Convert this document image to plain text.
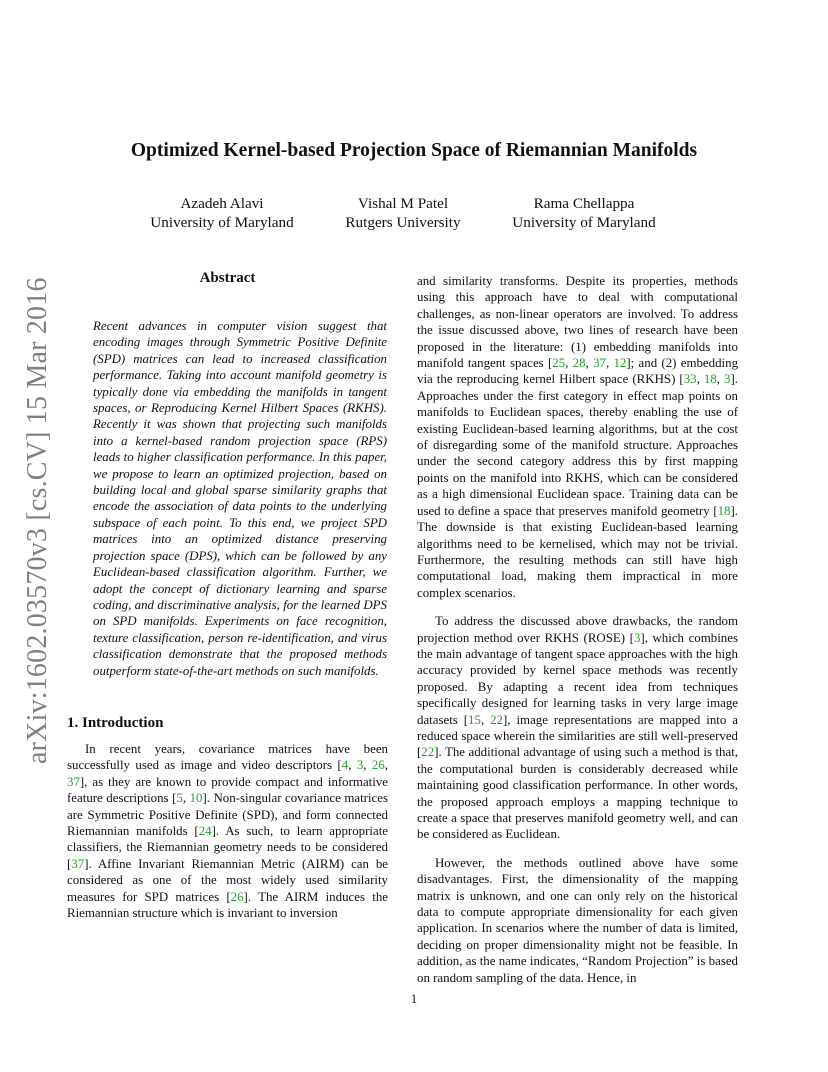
Optimized Kernel-based Projection Space of Riemannian Manifolds
Azadeh Alavi
University of Maryland
Vishal M Patel
Rutgers University
Rama Chellappa
University of Maryland
arXiv:1602.03570v3 [cs.CV] 15 Mar 2016	Abstract

Recent advances in computer vision suggest that encoding images through Symmetric Positive Definite (SPD) matrices can lead to increased classification performance. Taking into account manifold geometry is typically done via embedding the manifolds in tangent spaces, or Reproducing Kernel Hilbert Spaces (RKHS). Recently it was shown that projecting such manifolds into a kernel-based random projection space (RPS) leads to higher classification performance. In this paper, we propose to learn an optimized projection, based on building local and global sparse similarity graphs that encode the association of data points to the underlying subspace of each point. To this end, we project SPD matrices into an optimized distance preserving projection space (DPS), which can be followed by any Euclidean-based classification algorithm. Further, we adopt the concept of dictionary learning and sparse coding, and discriminative analysis, for the learned DPS on SPD manifolds. Experiments on face recognition, texture classification, person re-identification, and virus classification demonstrate that the proposed methods outperform state-of-the-art methods on such manifolds.

1. Introduction

In recent years, covariance matrices have been successfully used as image and video descriptors [4, 3, 26, 37], as they are known to provide compact and informative feature descriptions [5, 10]. Non-singular covariance matrices are Symmetric Positive Definite (SPD), and form connected Riemannian manifolds [24]. As such, to learn appropriate classifiers, the Riemannian geometry needs to be considered [37]. Affine Invariant Riemannian Metric (AIRM) can be considered as one of the most widely used similarity measures for SPD matrices [26]. The AIRM induces the Riemannian structure which is invariant to inversion

and similarity transforms. Despite its properties, methods using this approach have to deal with computational challenges, as non-linear operators are involved. To address the issue discussed above, two lines of research have been proposed in the literature: (1) embedding manifolds into manifold tangent spaces [25, 28, 37, 12]; and (2) embedding via the reproducing kernel Hilbert space (RKHS) [33, 18, 3]. Approaches under the first category in effect map points on manifolds to Euclidean spaces, thereby enabling the use of existing Euclidean-based learning algorithms, but at the cost of disregarding some of the manifold structure. Approaches under the second category address this by first mapping points on the manifold into RKHS, which can be considered as a high dimensional Euclidean space. Training data can be used to define a space that preserves manifold geometry [18]. The downside is that existing Euclidean-based learning algorithms need to be kernelised, which may not be trivial. Furthermore, the resulting methods can still have high computational load, making them impractical in more complex scenarios.

To address the discussed above drawbacks, the random projection method over RKHS (ROSE) [3], which combines the main advantage of tangent space approaches with the high accuracy provided by kernel space methods was recently proposed. By adapting a recent idea from techniques specifically designed for learning tasks in very large image datasets [15, 22], image representations are mapped into a reduced space wherein the similarities are still well-preserved [22]. The additional advantage of using such a method is that, the computational burden is considerably decreased while maintaining good classification performance. In other words, the proposed approach employs a mapping technique to create a space that preserves manifold geometry well, and can be considered as Euclidean.

However, the methods outlined above have some disadvantages. First, the dimensionality of the mapping matrix is unknown, and one can only rely on the historical data to compute appropriate dimensionality for each given application. In scenarios where the number of data is limited, deciding on proper dimensionality might not be feasible. In addition, as the name indicates, “Random Projection” is based on random sampling of the data. Hence, in

1
